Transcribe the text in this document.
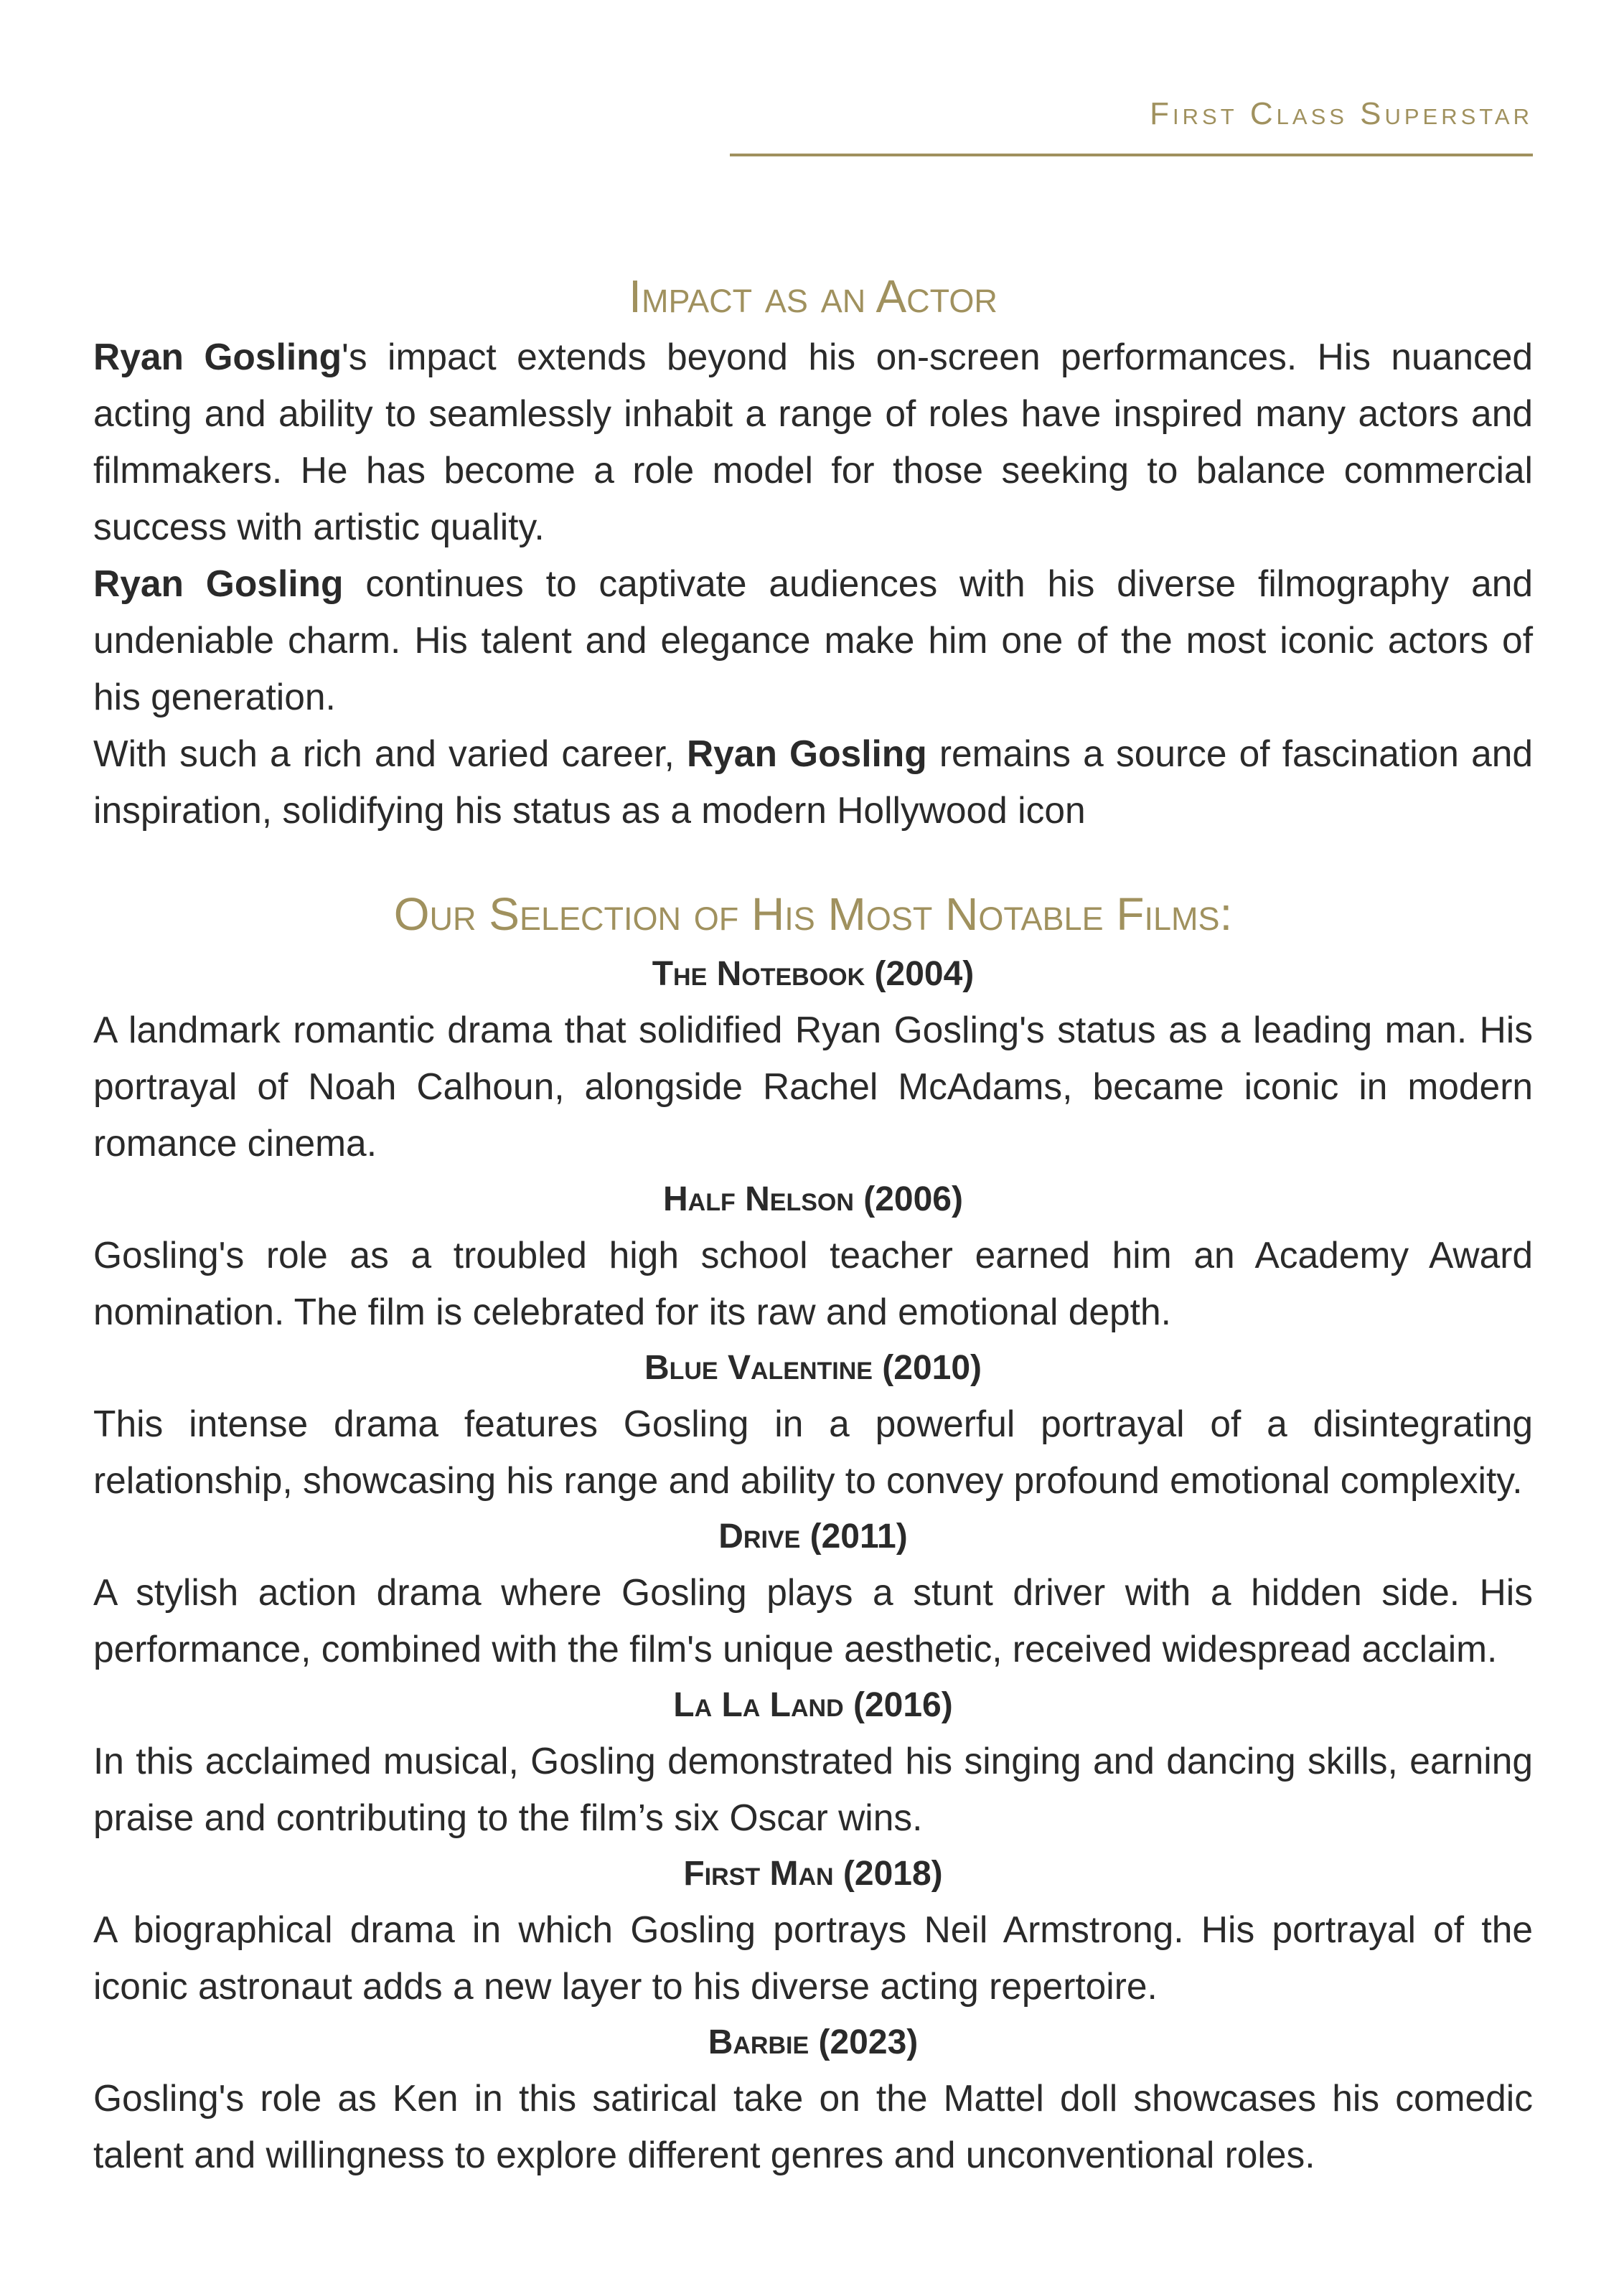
First Class Superstar
Impact as an Actor

Ryan Gosling's impact extends beyond his on-screen performances. His nuanced acting and ability to seamlessly inhabit a range of roles have inspired many actors and filmmakers. He has become a role model for those seeking to balance commercial success with artistic quality.

Ryan Gosling continues to captivate audiences with his diverse filmography and undeniable charm. His talent and elegance make him one of the most iconic actors of his generation.

With such a rich and varied career, Ryan Gosling remains a source of fascination and inspiration, solidifying his status as a modern Hollywood icon

Our Selection of His Most Notable Films:
The Notebook (2004)

A landmark romantic drama that solidified Ryan Gosling's status as a leading man. His portrayal of Noah Calhoun, alongside Rachel McAdams, became iconic in modern romance cinema.

Half Nelson (2006)

Gosling's role as a troubled high school teacher earned him an Academy Award nomination. The film is celebrated for its raw and emotional depth.

Blue Valentine (2010)

This intense drama features Gosling in a powerful portrayal of a disintegrating relationship, showcasing his range and ability to convey profound emotional complexity.

Drive (2011)

A stylish action drama where Gosling plays a stunt driver with a hidden side. His performance, combined with the film's unique aesthetic, received widespread acclaim.

La La Land (2016)

In this acclaimed musical, Gosling demonstrated his singing and dancing skills, earning praise and contributing to the film’s six Oscar wins.

First Man (2018)

A biographical drama in which Gosling portrays Neil Armstrong. His portrayal of the iconic astronaut adds a new layer to his diverse acting repertoire.

Barbie (2023)

Gosling's role as Ken in this satirical take on the Mattel doll showcases his comedic talent and willingness to explore different genres and unconventional roles.
